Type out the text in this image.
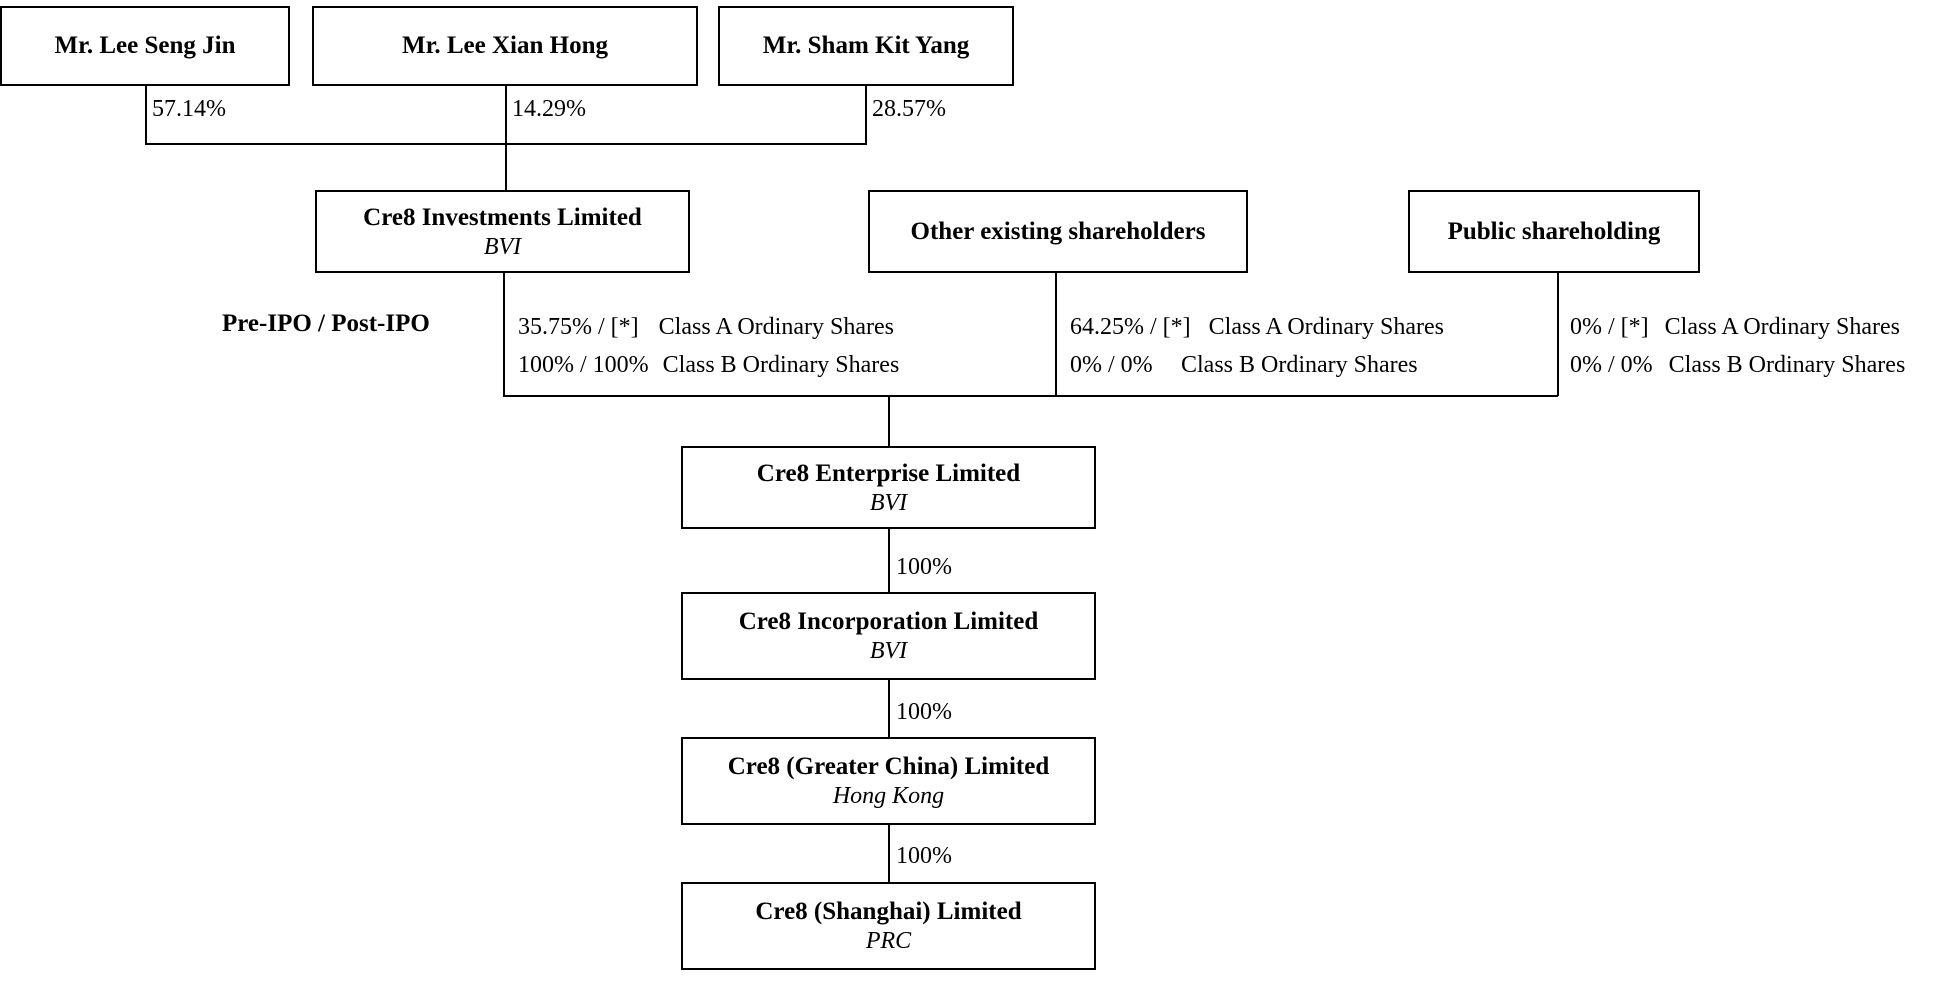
Mr. Lee Seng Jin	Mr. Lee Xian Hong	Mr. Sham Kit Yang
57.14%	14.29%	28.57%
Cre8 Investments Limited
BVI
Other existing shareholders	Public shareholding
Pre-IPO / Post-IPO	35.75% / [*] Class A Ordinary Shares
100% / 100% Class B Ordinary Shares
64.25% / [*] Class A Ordinary Shares
0% / 0% Class B Ordinary Shares
0% / [*] Class A Ordinary Shares
0% / 0% Class B Ordinary Shares
Cre8 Enterprise Limited
BVI
100%
Cre8 Incorporation Limited
BVI
100%
Cre8 (Greater China) Limited
Hong Kong
100%
Cre8 (Shanghai) Limited
PRC
